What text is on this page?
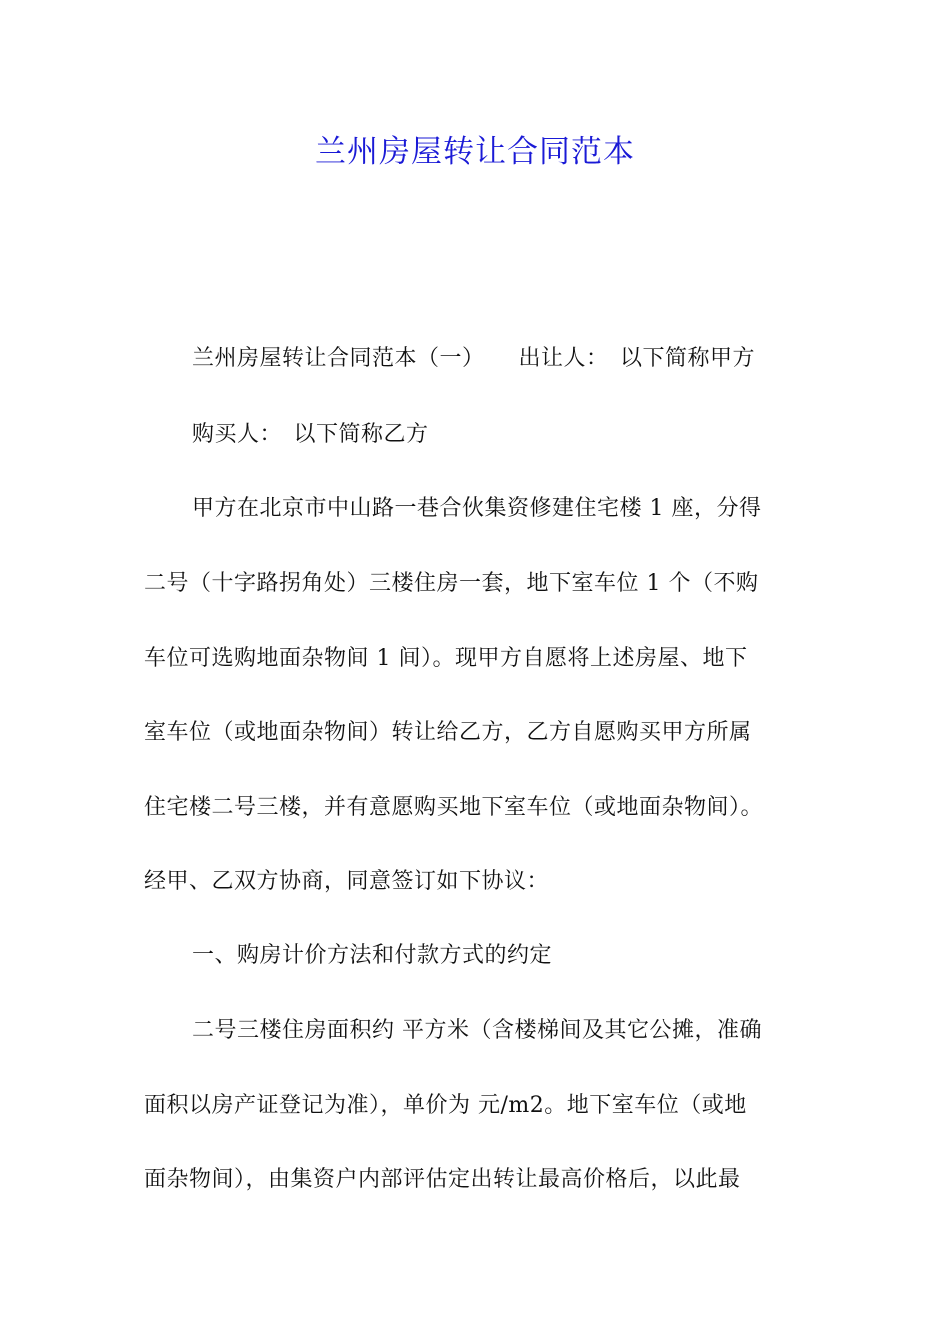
兰州房屋转让合同范本
兰州房屋转让合同范本（一）　　出让人：　以下简称甲方
购买人：　以下简称乙方
甲方在北京市中山路一巷合伙集资修建住宅楼 1 座，分得
二号（十字路拐角处）三楼住房一套，地下室车位 1 个（不购
车位可选购地面杂物间 1 间）。现甲方自愿将上述房屋、地下
室车位（或地面杂物间）转让给乙方，乙方自愿购买甲方所属
住宅楼二号三楼，并有意愿购买地下室车位（或地面杂物间）。
经甲、乙双方协商，同意签订如下协议：
一、购房计价方法和付款方式的约定
二号三楼住房面积约 平方米（含楼梯间及其它公摊，准确
面积以房产证登记为准），单价为 元/m2。地下室车位（或地
面杂物间），由集资户内部评估定出转让最高价格后，以此最
